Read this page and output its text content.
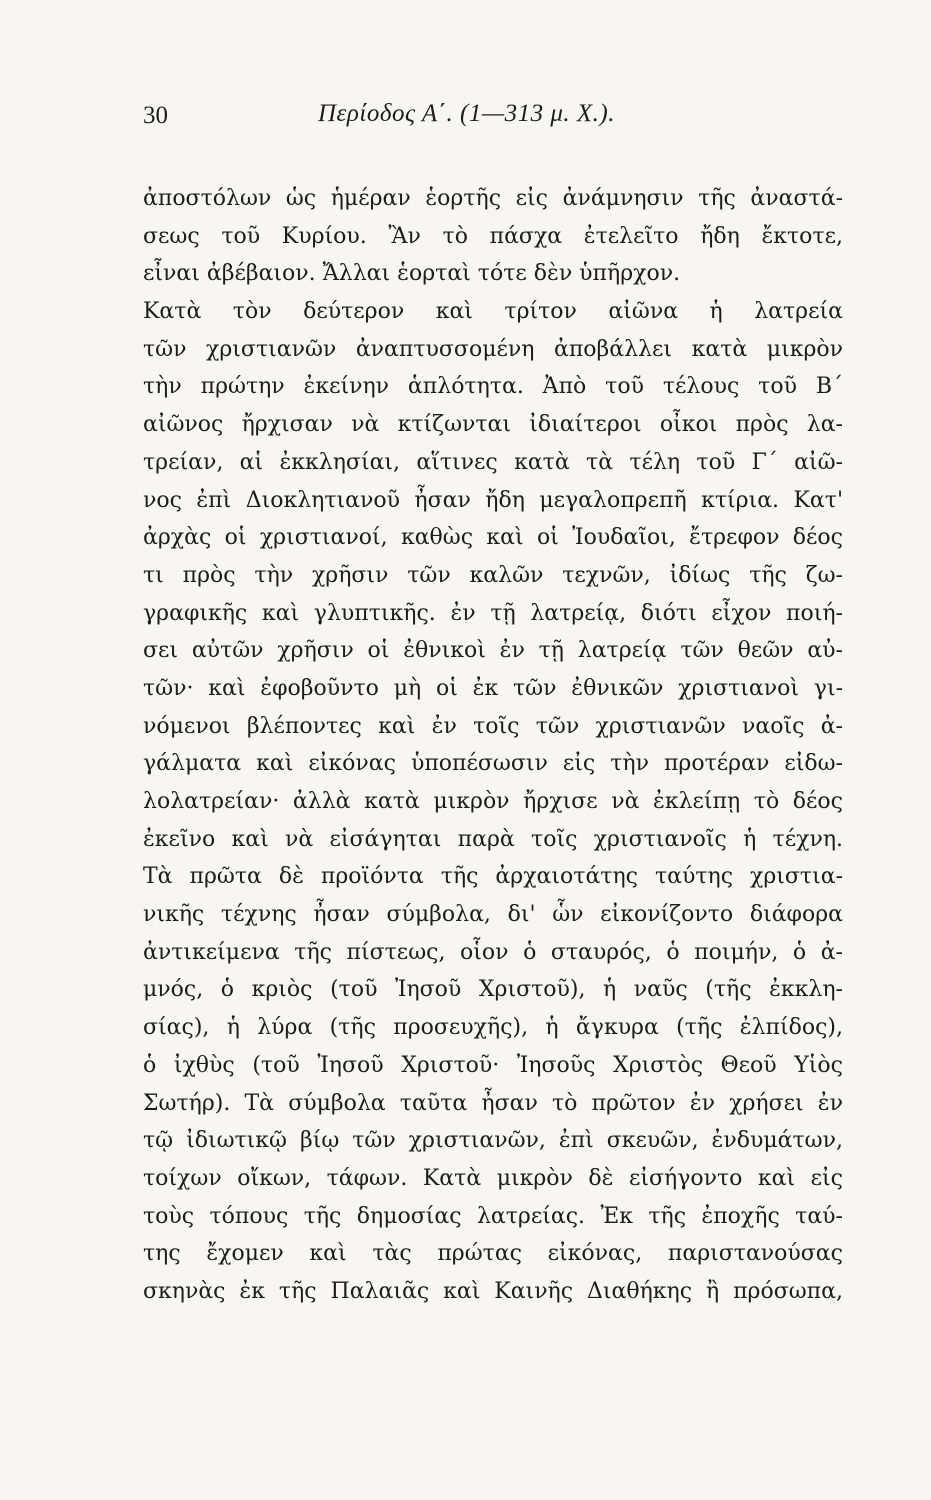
30	Περίοδος Α΄. (1—313 μ. Χ.).
ἀποστόλων ὡς ἡμέραν ἑορτῆς εἰς ἀνάμνησιν τῆς ἀναστά-
σεως τοῦ Κυρίου. Ἂν τὸ πάσχα ἐτελεῖτο ἤδη ἔκτοτε,
εἶναι ἀβέβαιον. Ἄλλαι ἑορταὶ τότε δὲν ὑπῆρχον.
Κατὰ τὸν δεύτερον καὶ τρίτον αἰῶνα ἡ λατρεία
τῶν χριστιανῶν ἀναπτυσσομένη ἀποβάλλει κατὰ μικρὸν
τὴν πρώτην ἐκείνην ἁπλότητα. Ἀπὸ τοῦ τέλους τοῦ Β΄
αἰῶνος ἤρχισαν νὰ κτίζωνται ἰδιαίτεροι οἶκοι πρὸς λα-
τρείαν, αἱ ἐκκλησίαι, αἵτινες κατὰ τὰ τέλη τοῦ Γ΄ αἰῶ-
νος ἐπὶ Διοκλητιανοῦ ἦσαν ἤδη μεγαλοπρεπῆ κτίρια. Κατ'
ἀρχὰς οἱ χριστιανοί, καθὼς καὶ οἱ Ἰουδαῖοι, ἔτρεφον δέος
τι πρὸς τὴν χρῆσιν τῶν καλῶν τεχνῶν, ἰδίως τῆς ζω-
γραφικῆς καὶ γλυπτικῆς. ἐν τῇ λατρείᾳ, διότι εἶχον ποιή-
σει αὐτῶν χρῆσιν οἱ ἐθνικοὶ ἐν τῇ λατρείᾳ τῶν θεῶν αὐ-
τῶν· καὶ ἐφοβοῦντο μὴ οἱ ἐκ τῶν ἐθνικῶν χριστιανοὶ γι-
νόμενοι βλέποντες καὶ ἐν τοῖς τῶν χριστιανῶν ναοῖς ἀ-
γάλματα καὶ εἰκόνας ὑποπέσωσιν εἰς τὴν προτέραν εἰδω-
λολατρείαν· ἀλλὰ κατὰ μικρὸν ἤρχισε νὰ ἐκλείπῃ τὸ δέος
ἐκεῖνο καὶ νὰ εἰσάγηται παρὰ τοῖς χριστιανοῖς ἡ τέχνη.
Τὰ πρῶτα δὲ προϊόντα τῆς ἀρχαιοτάτης ταύτης χριστια-
νικῆς τέχνης ἦσαν σύμβολα, δι' ὧν εἰκονίζοντο διάφορα
ἀντικείμενα τῆς πίστεως, οἷον ὁ σταυρός, ὁ ποιμήν, ὁ ἀ-
μνός, ὁ κριὸς (τοῦ Ἰησοῦ Χριστοῦ), ἡ ναῦς (τῆς ἐκκλη-
σίας), ἡ λύρα (τῆς προσευχῆς), ἡ ἄγκυρα (τῆς ἐλπίδος),
ὁ ἰχθὺς (τοῦ Ἰησοῦ Χριστοῦ· Ἰησοῦς Χριστὸς Θεοῦ Υἱὸς
Σωτήρ). Τὰ σύμβολα ταῦτα ἦσαν τὸ πρῶτον ἐν χρήσει ἐν
τῷ ἰδιωτικῷ βίῳ τῶν χριστιανῶν, ἐπὶ σκευῶν, ἐνδυμάτων,
τοίχων οἴκων, τάφων. Κατὰ μικρὸν δὲ εἰσήγοντο καὶ εἰς
τοὺς τόπους τῆς δημοσίας λατρείας. Ἐκ τῆς ἐποχῆς ταύ-
της ἔχομεν καὶ τὰς πρώτας εἰκόνας, παριστανούσας
σκηνὰς ἐκ τῆς Παλαιᾶς καὶ Καινῆς Διαθήκης ἢ πρόσωπα,
